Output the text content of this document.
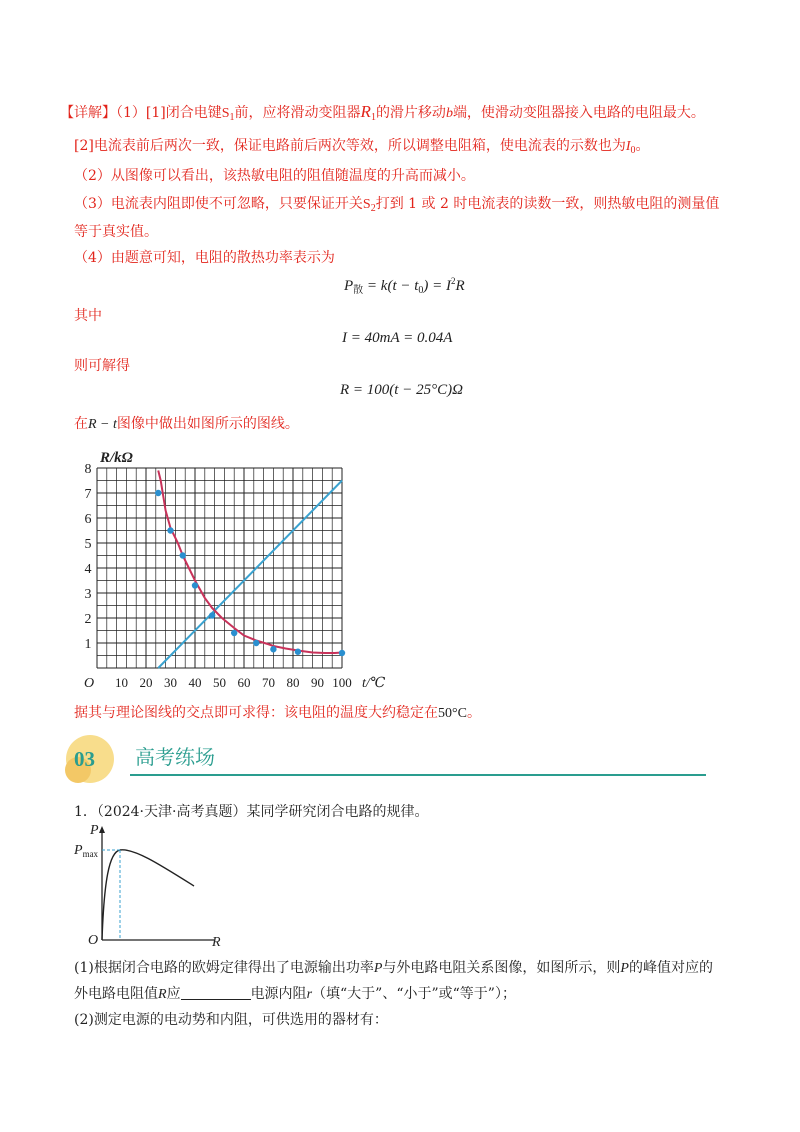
【详解】（1）[1]闭合电键$S_1$前，应将滑动变阻器$R_1$的滑片移动b端，使滑动变阻器接入电路的电阻最大。
[2]电流表前后两次一致，保证电路前后两次等效，所以调整电阻箱，使电流表的示数也为$I_0$。
（2）从图像可以看出，该热敏电阻的阻值随温度的升高而减小。
（3）电流表内阻即使不可忽略，只要保证开关$S_2$打到 1 或 2 时电流表的读数一致，则热敏电阻的测量值
等于真实值。
（4）由题意可知，电阻的散热功率表示为
$P_散 = k(t - t_0) = I^2R$
其中
I = 40mA = 0.04A
则可解得
R = 100(t − 25°C)Ω
在R − t图像中做出如图所示的图线。
R/kΩ
10 20 30 40 50 60 70 80 90 100
1
2
3
4
5
6
7
8
O	t/℃
据其与理论图线的交点即可求得：该电阻的温度大约稳定在50°C。
03 高考练场
1．（2024·天津·高考真题）某同学研究闭合电路的规律。
P
$P_{max}$
O	R
(1)根据闭合电路的欧姆定律得出了电源输出功率P与外电路电阻关系图像，如图所示，则P的峰值对应的
外电路电阻值R应	电源内阻r（填“大于”、“小于”或“等于”）；
(2)测定电源的电动势和内阻，可供选用的器材有：
